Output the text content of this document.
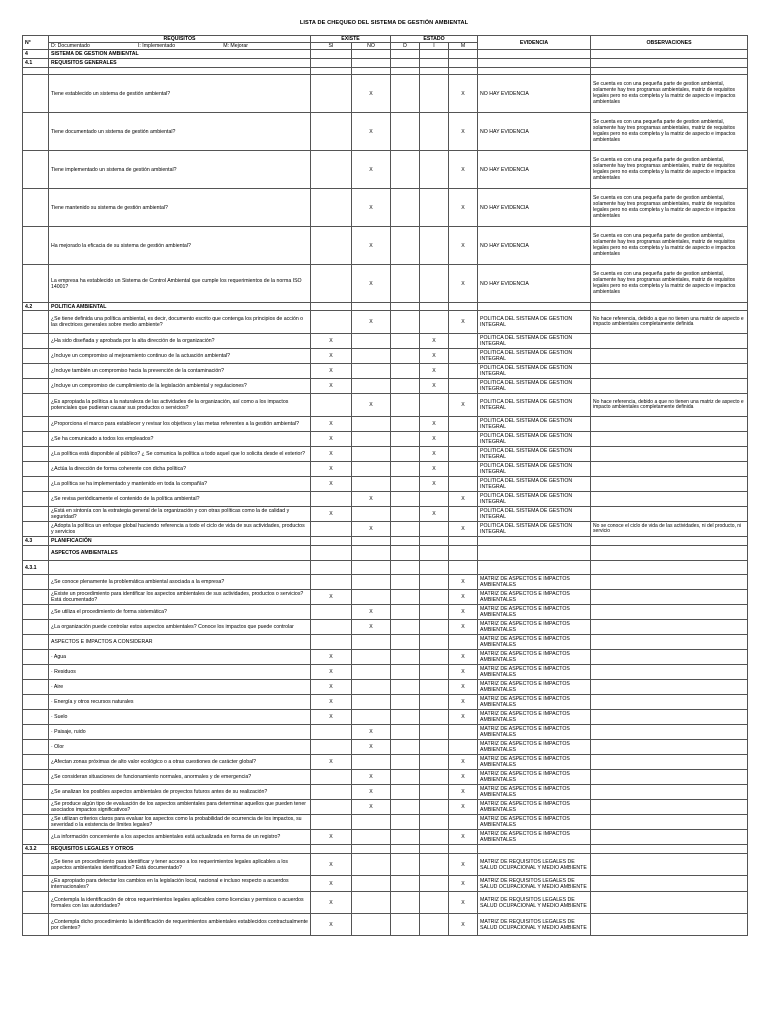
LISTA DE CHEQUEO DEL SISTEMA DE GESTIÓN AMBIENTAL
N°	REQUISITOS	EXISTE		ESTADO			EVIDENCIA	OBSERVACIONES

	D: Documentado I: Implementado M: Mejorar	SI	NO	D	I	M		
4	SISTEMA DE GESTION AMBIENTAL							
4.1	REQUISITOS GENERALES							

	Tiene establecido un sistema de gestión ambiental?		X			X	NO HAY EVIDENCIA	Se cuenta es con una pequeña parte de gestion ambiental, solamente hay tres programas ambientales, matriz de requisitos legales pero no esta completa y la matriz de aspecto e impactos ambientales
	Tiene documentado un sistema de gestión ambiental?		X			X	NO HAY EVIDENCIA	Se cuenta es con una pequeña parte de gestion ambiental, solamente hay tres programas ambientales, matriz de requisitos legales pero no esta completa y la matriz de aspecto e impactos ambientales
	Tiene implementado un sistema de gestión ambiental?		X			X	NO HAY EVIDENCIA	Se cuenta es con una pequeña parte de gestion ambiental, solamente hay tres programas ambientales, matriz de requisitos legales pero no esta completa y la matriz de aspecto e impactos ambientales
	Tiene mantenido su sistema de gestión ambiental?		X			X	NO HAY EVIDENCIA	Se cuenta es con una pequeña parte de gestion ambiental, solamente hay tres programas ambientales, matriz de requisitos legales pero no esta completa y la matriz de aspecto e impactos ambientales
	Ha mejorado la eficacia de su sistema de gestión ambiental?		X			X	NO HAY EVIDENCIA	Se cuenta es con una pequeña parte de gestion ambiental, solamente hay tres programas ambientales, matriz de requisitos legales pero no esta completa y la matriz de aspecto e impactos ambientales
	La empresa ha establecido un Sistema de Control Ambiental que cumple los requerimientos de la norma ISO 14001?		X			X	NO HAY EVIDENCIA	Se cuenta es con una pequeña parte de gestion ambiental, solamente hay tres programas ambientales, matriz de requisitos legales pero no esta completa y la matriz de aspecto e impactos ambientales
4.2	POLITICA AMBIENTAL							
	¿Se tiene definida una política ambiental, es decir, documento escrito que contenga los principios de acción o las directrices generales sobre medio ambiente?		X			X	POLITICA DEL SISTEMA DE GESTION INTEGRAL	No hace referencia, debido a que no tienen una matriz de aspecto e impacto ambientales completamente definida
	¿Ha sido diseñada y aprobada por la alta dirección de la organización?	X			X		POLITICA DEL SISTEMA DE GESTION INTEGRAL	
	¿Incluye un compromiso al mejoramiento continuo de la actuación ambiental?	X			X		POLITICA DEL SISTEMA DE GESTION INTEGRAL	
	¿Incluye también un compromiso hacia la prevención de la contaminación?	X			X		POLITICA DEL SISTEMA DE GESTION INTEGRAL	
	¿Incluye un compromiso de cumplimiento de la legislación ambiental y regulaciones?	X			X		POLITICA DEL SISTEMA DE GESTION INTEGRAL	
	¿Es apropiada la política a la naturaleza de las actividades de la organización, así como a los impactos potenciales que pudieran causar sus productos o servicios?		X			X	POLITICA DEL SISTEMA DE GESTION INTEGRAL	No hace referencia, debido a que no tienen una matriz de aspecto e impacto ambientales completamente definida
	¿Proporciona el marco para establecer y revisar los objetivos y las metas referentes a la gestión ambiental?	X			X		POLITICA DEL SISTEMA DE GESTION INTEGRAL	
	¿Se ha comunicado a todos los empleados?	X			X		POLITICA DEL SISTEMA DE GESTION INTEGRAL	
	¿La política está disponible al público? ¿ Se comunica la política a todo aquel que lo solicita desde el exterior?	X			X		POLITICA DEL SISTEMA DE GESTION INTEGRAL	
	¿Actúa la dirección de forma coherente con dicha política?	X			X		POLITICA DEL SISTEMA DE GESTION INTEGRAL	
	¿La política se ha implementado y mantenido en toda la compañía?	X			X		POLITICA DEL SISTEMA DE GESTION INTEGRAL	
	¿Se revisa periódicamente el contenido de la política ambiental?		X			X	POLITICA DEL SISTEMA DE GESTION INTEGRAL	
	¿Está en sintonía con la estrategia general de la organización y con otras políticas como la de calidad y seguridad?	X			X		POLITICA DEL SISTEMA DE GESTION INTEGRAL	
	¿Adopta la política un enfoque global haciendo referencia a todo el ciclo de vida de sus actividades, productos y servicios		X			X	POLITICA DEL SISTEMA DE GESTION INTEGRAL	No se conoce el ciclo de vida de las actividades, ni del producto, ni servicio
4.3	PLANIFICACIÓN							
	ASPECTOS AMBIENTALES							
4.3.1								
	¿Se conoce plenamente la problemática ambiental asociada a la empresa?					X	MATRIZ DE ASPECTOS E IMPACTOS AMBIENTALES	
	¿Existe un procedimiento para identificar los aspectos ambientales de sus actividades, productos o servicios? Está documentado?	X				X	MATRIZ DE ASPECTOS E IMPACTOS AMBIENTALES	
	¿Se utiliza el procedimiento de forma sistemática?		X			X	MATRIZ DE ASPECTOS E IMPACTOS AMBIENTALES	
	¿La organización puede controlar estos aspectos ambientales? Conoce los impactos que puede controlar		X			X	MATRIZ DE ASPECTOS E IMPACTOS AMBIENTALES	
	ASPECTOS E IMPACTOS A CONSIDERAR						MATRIZ DE ASPECTOS E IMPACTOS AMBIENTALES	
	· Agua	X				X	MATRIZ DE ASPECTOS E IMPACTOS AMBIENTALES	
	· Residuos	X				X	MATRIZ DE ASPECTOS E IMPACTOS AMBIENTALES	
	· Aire	X				X	MATRIZ DE ASPECTOS E IMPACTOS AMBIENTALES	
	· Energía y otros recursos naturales	X				X	MATRIZ DE ASPECTOS E IMPACTOS AMBIENTALES	
	· Suelo	X				X	MATRIZ DE ASPECTOS E IMPACTOS AMBIENTALES	
	· Paisaje, ruido		X				MATRIZ DE ASPECTOS E IMPACTOS AMBIENTALES	
	· Olor		X				MATRIZ DE ASPECTOS E IMPACTOS AMBIENTALES	
	¿Afectan zonas próximas de alto valor ecológico o a otras cuestiones de carácter global?	X				X	MATRIZ DE ASPECTOS E IMPACTOS AMBIENTALES	
	¿Se consideran situaciones de funcionamiento normales, anormales y de emergencia?		X			X	MATRIZ DE ASPECTOS E IMPACTOS AMBIENTALES	
	¿Se analizan los posibles aspectos ambientales de proyectos futuros antes de su realización?		X			X	MATRIZ DE ASPECTOS E IMPACTOS AMBIENTALES	
	¿Se produce algún tipo de evaluación de los aspectos ambientales para determinar aquellos que pueden tener asociados impactos significativos?		X			X	MATRIZ DE ASPECTOS E IMPACTOS AMBIENTALES	
	¿Se utilizan criterios claros para evaluar los aspectos como la probabilidad de ocurrencia de los impactos, su severidad o la existencia de límites legales?						MATRIZ DE ASPECTOS E IMPACTOS AMBIENTALES	
	¿La información concerniente a los aspectos ambientales está actualizada en forma de un registro?	X				X	MATRIZ DE ASPECTOS E IMPACTOS AMBIENTALES	
4.3.2	REQUISITOS LEGALES Y OTROS							
	¿Se tiene un procedimiento para identificar y tener acceso a los requerimientos legales aplicables a los aspectos ambientales identificados? Está documentado?	X				X	MATRIZ DE REQUISITOS LEGALES DE SALUD OCUPACIONAL Y MEDIO AMBIENTE	
	¿Es apropiado para detectar los cambios en la legislación local, nacional e incluso respecto a acuerdos internacionales?	X				X	MATRIZ DE REQUISITOS LEGALES DE SALUD OCUPACIONAL Y MEDIO AMBIENTE	
	¿Contempla la identificación de otros requerimientos legales aplicables como licencias y permisos o acuerdos formales con las autoridades?	X				X	MATRIZ DE REQUISITOS LEGALES DE SALUD OCUPACIONAL Y MEDIO AMBIENTE	
	¿Contempla dicho procedimiento la identificación de requerimientos ambientales establecidos contractualmente por clientes?	X				X	MATRIZ DE REQUISITOS LEGALES DE SALUD OCUPACIONAL Y MEDIO AMBIENTE	
